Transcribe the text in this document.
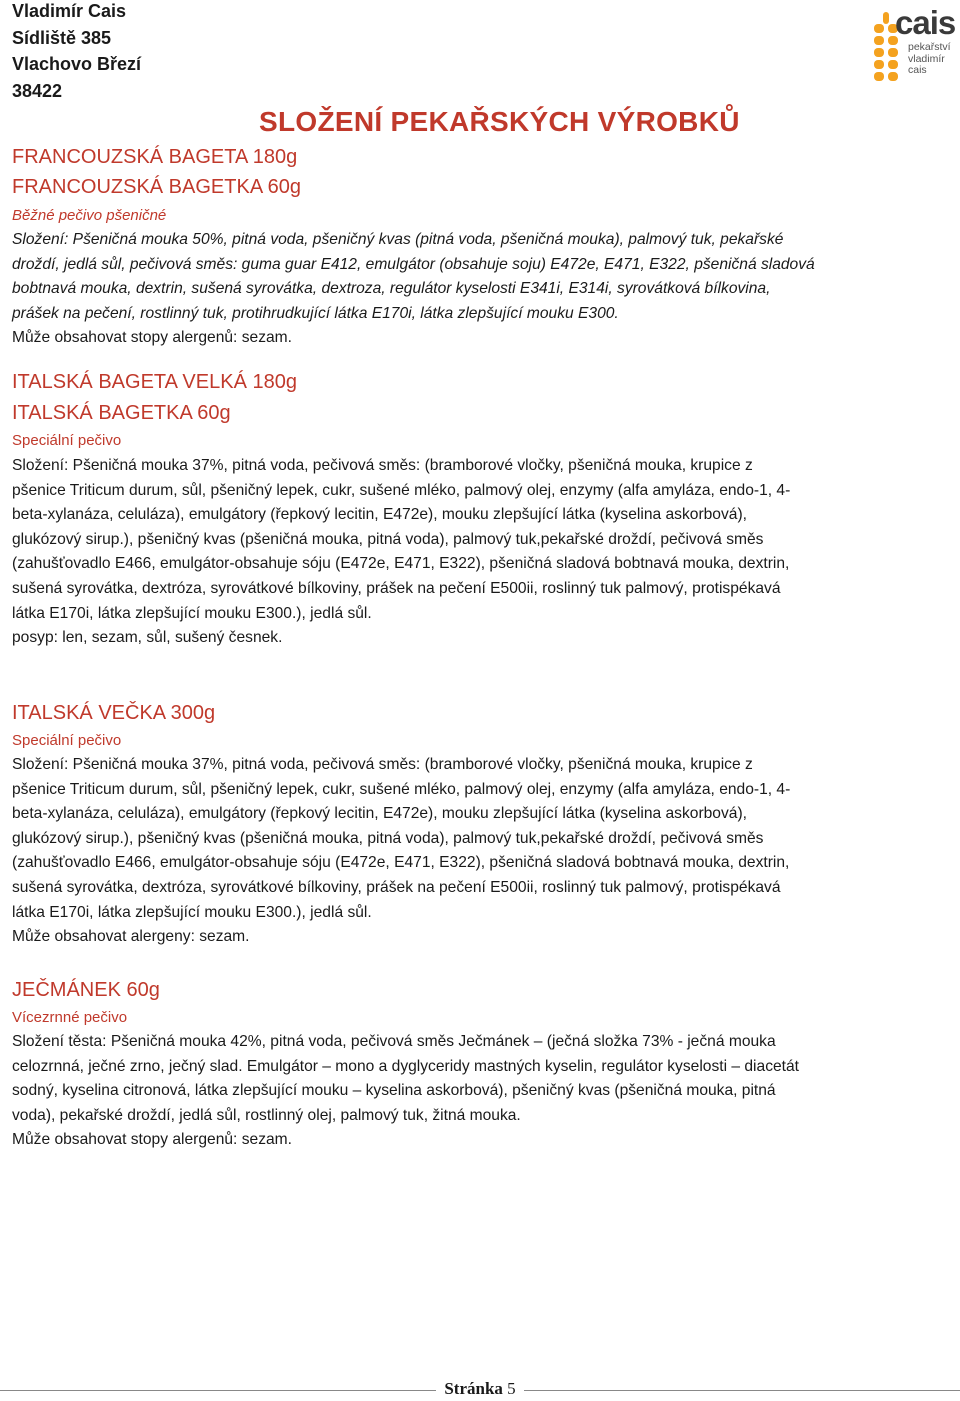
Vladimír Cais
Sídliště 385
Vlachovo Březí
38422
cais
pekařství
vladimír
cais
SLOŽENÍ PEKAŘSKÝCH VÝROBKŮ
FRANCOUZSKÁ BAGETA 180g
FRANCOUZSKÁ BAGETKA 60g
Běžné pečivo pšeničné
Složení: Pšeničná mouka 50%, pitná voda, pšeničný kvas (pitná voda, pšeničná mouka), palmový tuk, pekařské
droždí, jedlá sůl, pečivová směs: guma guar E412, emulgátor (obsahuje soju) E472e, E471, E322, pšeničná sladová
bobtnavá mouka, dextrin, sušená syrovátka, dextroza, regulátor kyselosti E341i, E314i, syrovátková bílkovina,
prášek na pečení, rostlinný tuk, protihrudkující látka E170i, látka zlepšující mouku E300.
Může obsahovat stopy alergenů: sezam.
ITALSKÁ BAGETA VELKÁ 180g
ITALSKÁ BAGETKA 60g
Speciální pečivo
Složení: Pšeničná mouka 37%, pitná voda, pečivová směs: (bramborové vločky, pšeničná mouka, krupice z
pšenice Triticum durum, sůl, pšeničný lepek, cukr, sušené mléko, palmový olej, enzymy (alfa amyláza, endo-1, 4-
beta-xylanáza, celuláza), emulgátory (řepkový lecitin, E472e), mouku zlepšující látka (kyselina askorbová),
glukózový sirup.), pšeničný kvas (pšeničná mouka, pitná voda), palmový tuk,pekařské droždí, pečivová směs
(zahušťovadlo E466, emulgátor-obsahuje sóju (E472e, E471, E322), pšeničná sladová bobtnavá mouka, dextrin,
sušená syrovátka, dextróza, syrovátkové bílkoviny, prášek na pečení E500ii, roslinný tuk palmový, protispékavá
látka E170i, látka zlepšující mouku E300.), jedlá sůl.
posyp: len, sezam, sůl, sušený česnek.
ITALSKÁ VEČKA 300g
Speciální pečivo
Složení: Pšeničná mouka 37%, pitná voda, pečivová směs: (bramborové vločky, pšeničná mouka, krupice z
pšenice Triticum durum, sůl, pšeničný lepek, cukr, sušené mléko, palmový olej, enzymy (alfa amyláza, endo-1, 4-
beta-xylanáza, celuláza), emulgátory (řepkový lecitin, E472e), mouku zlepšující látka (kyselina askorbová),
glukózový sirup.), pšeničný kvas (pšeničná mouka, pitná voda), palmový tuk,pekařské droždí, pečivová směs
(zahušťovadlo E466, emulgátor-obsahuje sóju (E472e, E471, E322), pšeničná sladová bobtnavá mouka, dextrin,
sušená syrovátka, dextróza, syrovátkové bílkoviny, prášek na pečení E500ii, roslinný tuk palmový, protispékavá
látka E170i, látka zlepšující mouku E300.), jedlá sůl.
Může obsahovat alergeny: sezam.
JEČMÁNEK 60g
Vícezrnné pečivo
Složení těsta: Pšeničná mouka 42%, pitná voda, pečivová směs Ječmánek – (ječná složka 73% - ječná mouka
celozrnná, ječné zrno, ječný slad. Emulgátor – mono a dyglyceridy mastných kyselin, regulátor kyselosti – diacetát
sodný, kyselina citronová, látka zlepšující mouku – kyselina askorbová), pšeničný kvas (pšeničná mouka, pitná
voda), pekařské droždí, jedlá sůl, rostlinný olej, palmový tuk, žitná mouka.
Může obsahovat stopy alergenů: sezam.
Stránka 5
